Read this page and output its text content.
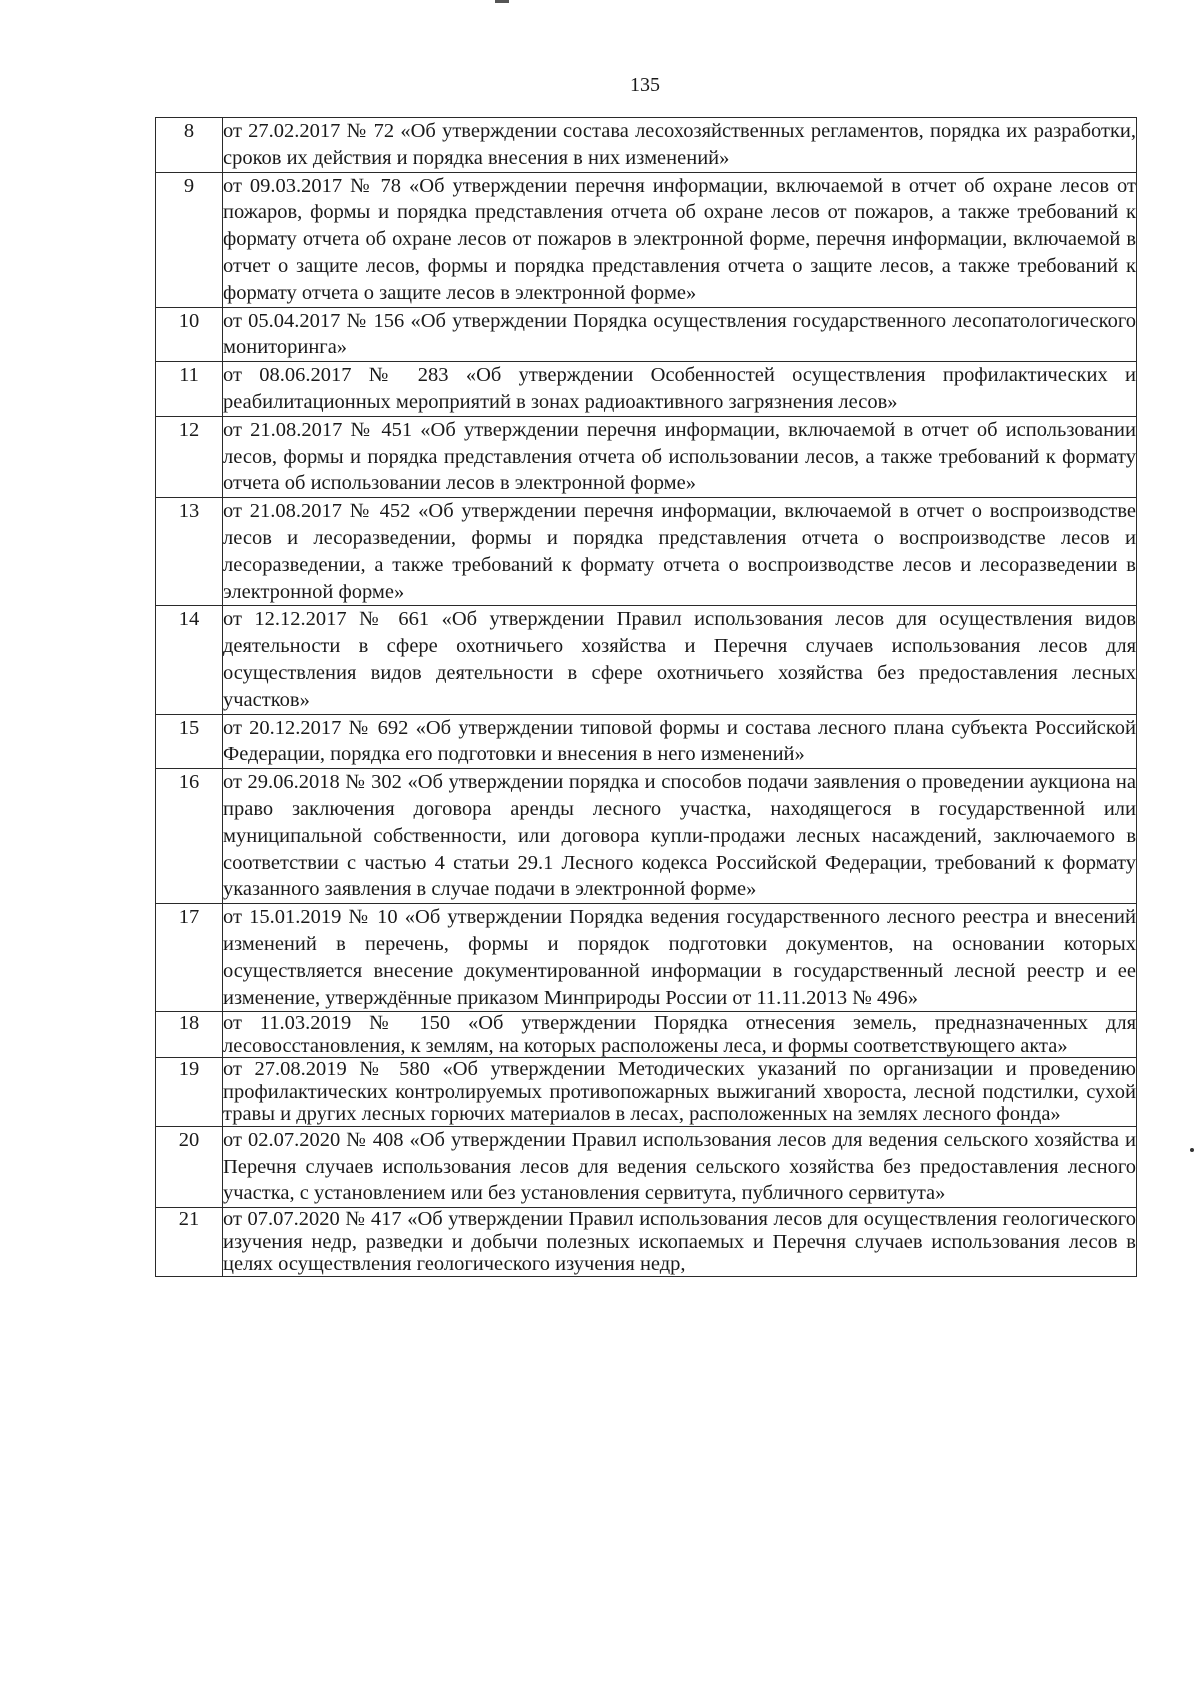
135
8	от 27.02.2017 № 72 «Об утверждении состава лесохозяйственных регламентов, порядка их разработки, сроков их действия и порядка внесения в них изменений»
9	от 09.03.2017 № 78 «Об утверждении перечня информации, включаемой в отчет об охране лесов от пожаров, формы и порядка представления отчета об охране лесов от пожаров, а также требований к формату отчета об охране лесов от пожаров в электронной форме, перечня информации, включаемой в отчет о защите лесов, формы и порядка представления отчета о защите лесов, а также требований к формату отчета о защите лесов в электронной форме»
10	от 05.04.2017 № 156 «Об утверждении Порядка осуществления государственного лесопатологического мониторинга»
11	от 08.06.2017 № 283 «Об утверждении Особенностей осуществления профилактических и реабилитационных мероприятий в зонах радиоактивного загрязнения лесов»
12	от 21.08.2017 № 451 «Об утверждении перечня информации, включаемой в отчет об использовании лесов, формы и порядка представления отчета об использовании лесов, а также требований к формату отчета об использовании лесов в электронной форме»
13	от 21.08.2017 № 452 «Об утверждении перечня информации, включаемой в отчет о воспроизводстве лесов и лесоразведении, формы и порядка представления отчета о воспроизводстве лесов и лесоразведении, а также требований к формату отчета о воспроизводстве лесов и лесоразведении в электронной форме»
14	от 12.12.2017 № 661 «Об утверждении Правил использования лесов для осуществления видов деятельности в сфере охотничьего хозяйства и Перечня случаев использования лесов для осуществления видов деятельности в сфере охотничьего хозяйства без предоставления лесных участков»
15	от 20.12.2017 № 692 «Об утверждении типовой формы и состава лесного плана субъекта Российской Федерации, порядка его подготовки и внесения в него изменений»
16	от 29.06.2018 № 302 «Об утверждении порядка и способов подачи заявления о проведении аукциона на право заключения договора аренды лесного участка, находящегося в государственной или муниципальной собственности, или договора купли-продажи лесных насаждений, заключаемого в соответствии с частью 4 статьи 29.1 Лесного кодекса Российской Федерации, требований к формату указанного заявления в случае подачи в электронной форме»
17	от 15.01.2019 № 10 «Об утверждении Порядка ведения государственного лесного реестра и внесений изменений в перечень, формы и порядок подготовки документов, на основании которых осуществляется внесение документированной информации в государственный лесной реестр и ее изменение, утверждённые приказом Минприроды России от 11.11.2013 № 496»
18	от 11.03.2019 № 150 «Об утверждении Порядка отнесения земель, предназначенных для лесовосстановления, к землям, на которых расположены леса, и формы соответствующего акта»
19	от 27.08.2019 № 580 «Об утверждении Методических указаний по организации и проведению профилактических контролируемых противопожарных выжиганий хвороста, лесной подстилки, сухой травы и других лесных горючих материалов в лесах, расположенных на землях лесного фонда»
20	от 02.07.2020 № 408 «Об утверждении Правил использования лесов для ведения сельского хозяйства и Перечня случаев использования лесов для ведения сельского хозяйства без предоставления лесного участка, с установлением или без установления сервитута, публичного сервитута»
21	от 07.07.2020 № 417 «Об утверждении Правил использования лесов для осуществления геологического изучения недр, разведки и добычи полезных ископаемых и Перечня случаев использования лесов в целях осуществления геологического изучения недр,
